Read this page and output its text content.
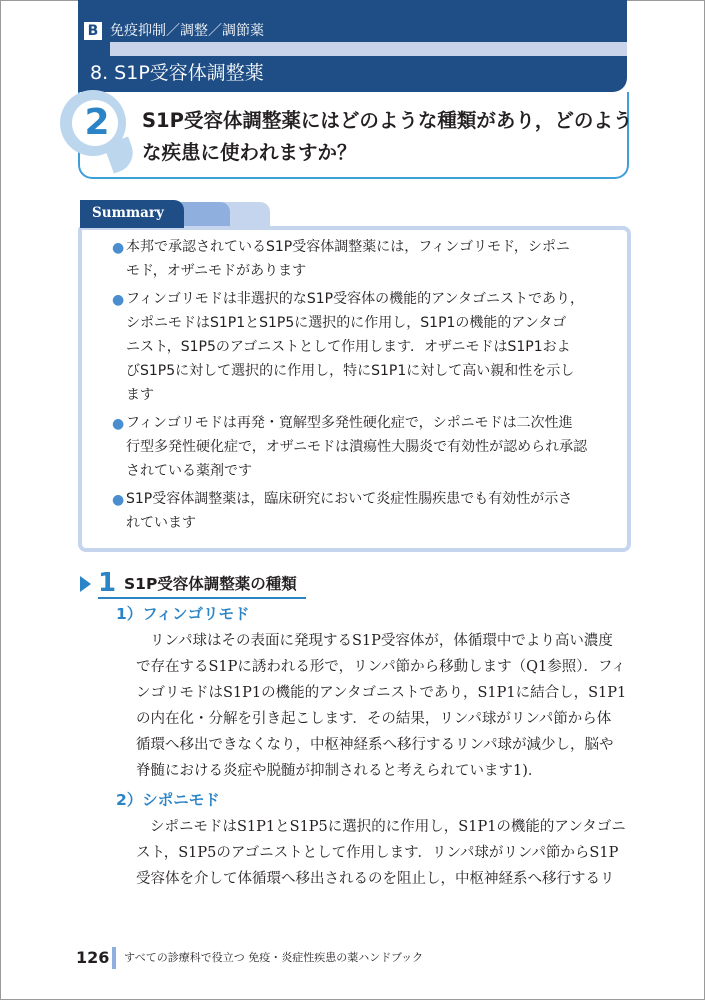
B 免疫抑制／調整／調節薬
8. S1P受容体調整薬
2	S1P受容体調整薬にはどのような種類があり，どのよう
な疾患に使われますか？
Summary
● 本邦で承認されているS1P受容体調整薬には，フィンゴリモド，シポニ
モド，オザニモドがあります
● フィンゴリモドは非選択的なS1P受容体の機能的アンタゴニストであり，
シポニモドはS1P1とS1P5に選択的に作用し，S1P1の機能的アンタゴ
ニスト，S1P5のアゴニストとして作用します．オザニモドはS1P1およ
びS1P5に対して選択的に作用し，特にS1P1に対して高い親和性を示し
ます
● フィンゴリモドは再発・寛解型多発性硬化症で，シポニモドは二次性進
行型多発性硬化症で，オザニモドは潰瘍性大腸炎で有効性が認められ承認
されている薬剤です
● S1P受容体調整薬は，臨床研究において炎症性腸疾患でも有効性が示さ
れています
1 S1P受容体調整薬の種類
1）フィンゴリモド
リンパ球はその表面に発現するS1P受容体が，体循環中でより高い濃度
で存在するS1Pに誘われる形で，リンパ節から移動します（Q1参照）．フィ
ンゴリモドはS1P1の機能的アンタゴニストであり，S1P1に結合し，S1P1
の内在化・分解を引き起こします．その結果，リンパ球がリンパ節から体
循環へ移出できなくなり，中枢神経系へ移行するリンパ球が減少し，脳や
脊髄における炎症や脱髄が抑制されると考えられています1)．
2）シポニモド
シポニモドはS1P1とS1P5に選択的に作用し，S1P1の機能的アンタゴニ
スト，S1P5のアゴニストとして作用します．リンパ球がリンパ節からS1P
受容体を介して体循環へ移出されるのを阻止し，中枢神経系へ移行するリ
126 すべての診療科で役立つ 免疫・炎症性疾患の薬ハンドブック
